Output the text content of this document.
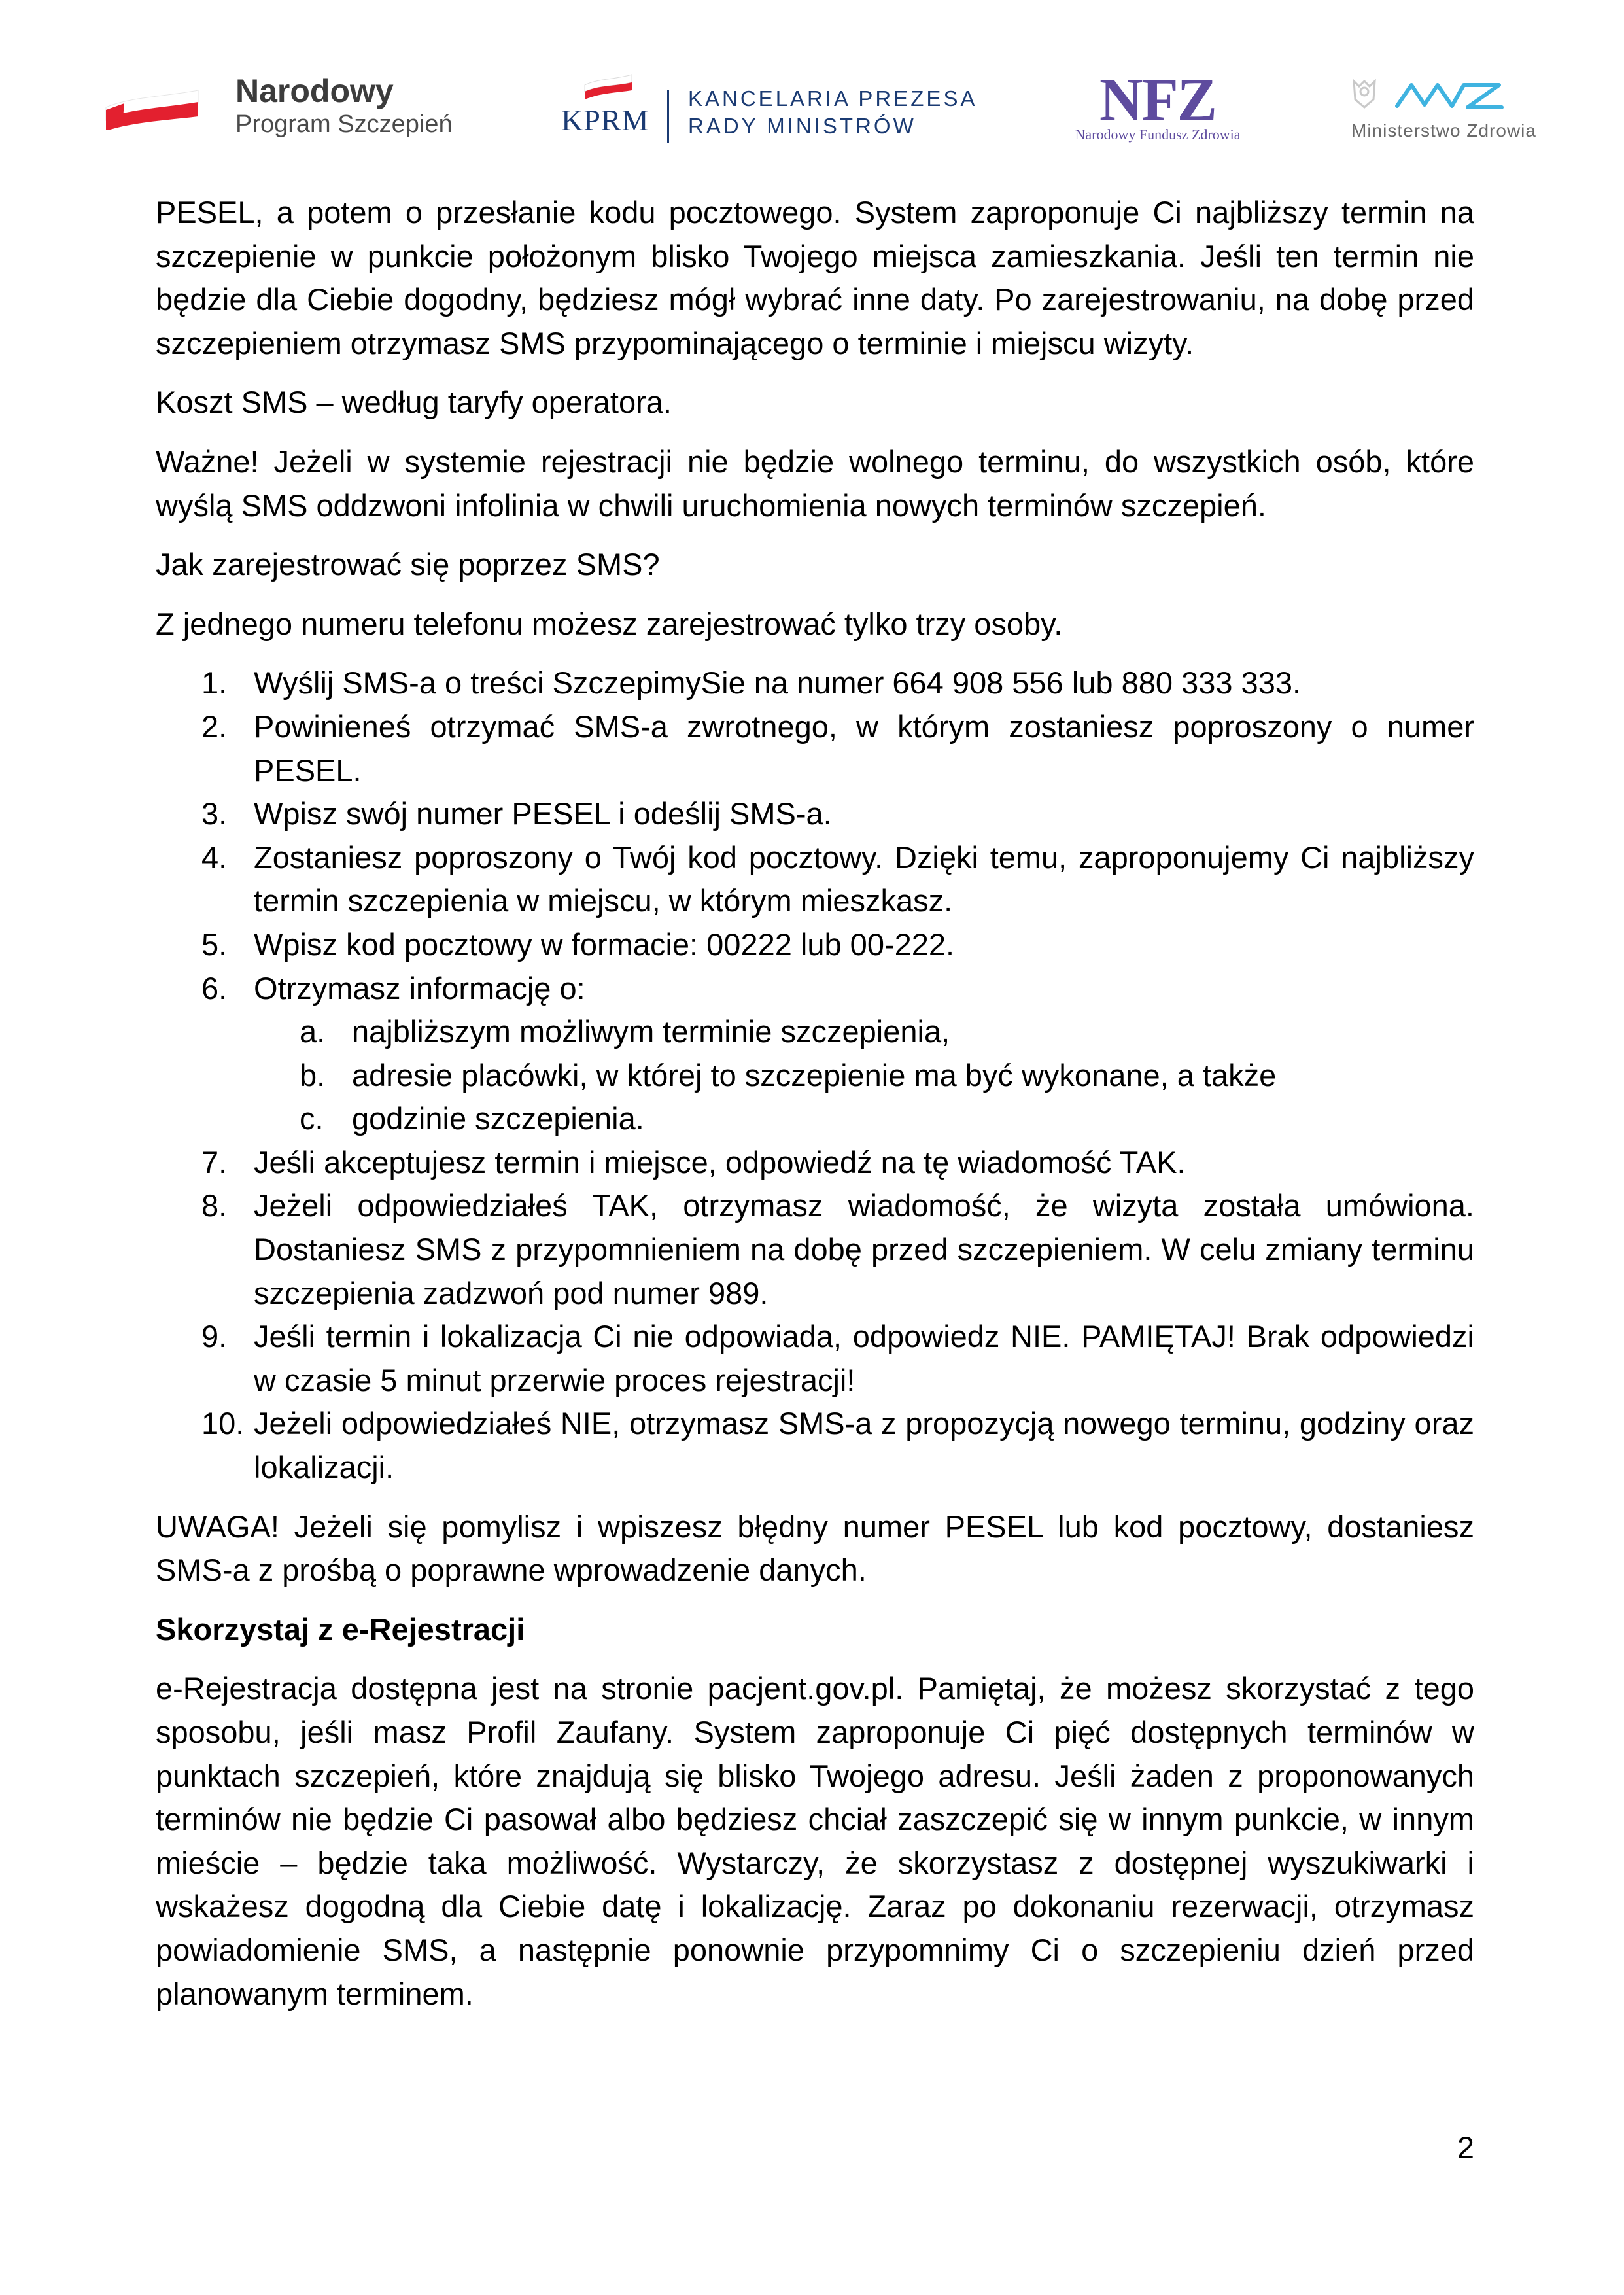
Narodowy
Program Szczepień	KPRM
KANCELARIA PREZESA
RADY MINISTRÓW	NFZ
Narodowy Fundusz Zdrowia	Ministerstwo Zdrowia

PESEL, a potem o przesłanie kodu pocztowego. System zaproponuje Ci najbliższy termin na szczepienie w punkcie położonym blisko Twojego miejsca zamieszkania. Jeśli ten termin nie będzie dla Ciebie dogodny, będziesz mógł wybrać inne daty. Po zarejestrowaniu, na dobę przed szczepieniem otrzymasz SMS przypominającego o terminie i miejscu wizyty.

Koszt SMS – według taryfy operatora.

Ważne! Jeżeli w systemie rejestracji nie będzie wolnego terminu, do wszystkich osób, które wyślą SMS oddzwoni infolinia w chwili uruchomienia nowych terminów szczepień.

Jak zarejestrować się poprzez SMS?

Z jednego numeru telefonu możesz zarejestrować tylko trzy osoby.

1. Wyślij SMS-a o treści SzczepimySie na numer 664 908 556 lub 880 333 333.
2. Powinieneś otrzymać SMS-a zwrotnego, w którym zostaniesz poproszony o numer PESEL.
3. Wpisz swój numer PESEL i odeślij SMS-a.
4. Zostaniesz poproszony o Twój kod pocztowy. Dzięki temu, zaproponujemy Ci najbliższy termin szczepienia w miejscu, w którym mieszkasz.
5. Wpisz kod pocztowy w formacie: 00222 lub 00-222.
6. Otrzymasz informację o:
a. najbliższym możliwym terminie szczepienia,
b. adresie placówki, w której to szczepienie ma być wykonane, a także
c. godzinie szczepienia.
7. Jeśli akceptujesz termin i miejsce, odpowiedź na tę wiadomość TAK.
8. Jeżeli odpowiedziałeś TAK, otrzymasz wiadomość, że wizyta została umówiona. Dostaniesz SMS z przypomnieniem na dobę przed szczepieniem. W celu zmiany terminu szczepienia zadzwoń pod numer 989.
9. Jeśli termin i lokalizacja Ci nie odpowiada, odpowiedz NIE. PAMIĘTAJ! Brak odpowiedzi w czasie 5 minut przerwie proces rejestracji!
10. Jeżeli odpowiedziałeś NIE, otrzymasz SMS-a z propozycją nowego terminu, godziny oraz lokalizacji.

UWAGA! Jeżeli się pomylisz i wpiszesz błędny numer PESEL lub kod pocztowy, dostaniesz SMS-a z prośbą o poprawne wprowadzenie danych.

Skorzystaj z e-Rejestracji

e-Rejestracja dostępna jest na stronie pacjent.gov.pl. Pamiętaj, że możesz skorzystać z tego sposobu, jeśli masz Profil Zaufany. System zaproponuje Ci pięć dostępnych terminów w punktach szczepień, które znajdują się blisko Twojego adresu. Jeśli żaden z proponowanych terminów nie będzie Ci pasował albo będziesz chciał zaszczepić się w innym punkcie, w innym mieście – będzie taka możliwość. Wystarczy, że skorzystasz z dostępnej wyszukiwarki i wskażesz dogodną dla Ciebie datę i lokalizację. Zaraz po dokonaniu rezerwacji, otrzymasz powiadomienie SMS, a następnie ponownie przypomnimy Ci o szczepieniu dzień przed planowanym terminem.

2
